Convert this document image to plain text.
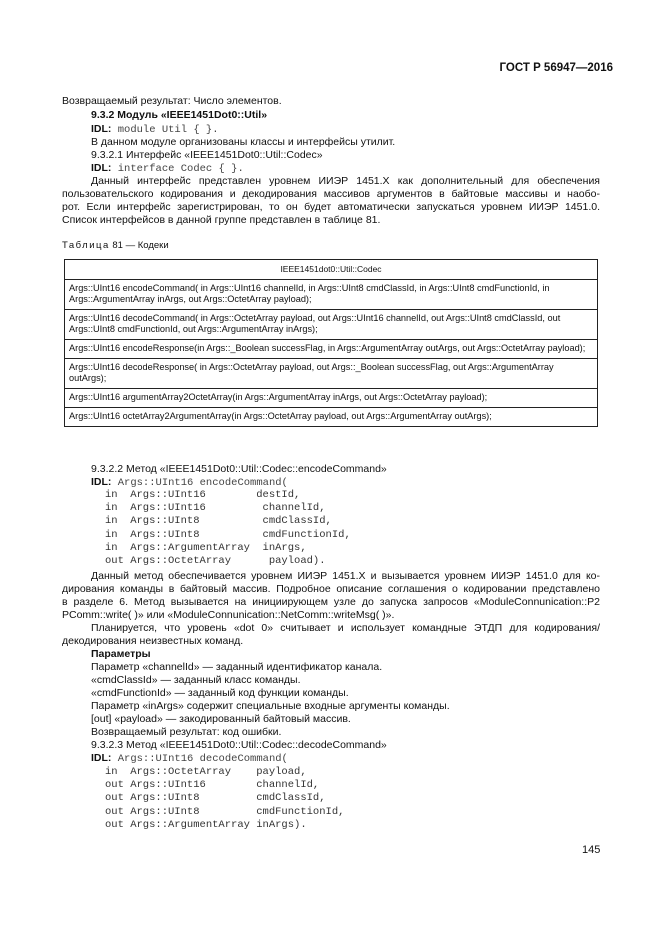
ГОСТ Р 56947—2016
Возвращаемый результат: Число элементов.
9.3.2 Модуль «IEEE1451Dot0::Util»
IDL: module Util { }.
В данном модуле организованы классы и интерфейсы утилит.
9.3.2.1 Интерфейс «IEEE1451Dot0::Util::Codec»
IDL: interface Codec { }.
Данный интерфейс представлен уровнем ИИЭР 1451.X как дополнительный для обеспечения
пользовательского кодирования и декодирования массивов аргументов в байтовые массивы и наобо-
рот. Если интерфейс зарегистрирован, то он будет автоматически запускаться уровнем ИИЭР 1451.0.
Список интерфейсов в данной группе представлен в таблице 81.
Таблица 81 — Кодеки
IEEE1451dot0::Util::Codec
Args::UInt16 encodeCommand( in Args::UInt16 channelId, in Args::UInt8 cmdClassId, in Args::UInt8 cmdFunctionId, in Args::ArgumentArray inArgs, out Args::OctetArray payload);
Args::UInt16 decodeCommand( in Args::OctetArray payload, out Args::UInt16 channelId, out Args::UInt8 cmdClassId, out Args::UInt8 cmdFunctionId, out Args::ArgumentArray inArgs);
Args::UInt16 encodeResponse(in Args::_Boolean successFlag, in Args::ArgumentArray outArgs, out Args::OctetArray payload);
Args::UInt16 decodeResponse( in Args::OctetArray payload, out Args::_Boolean successFlag, out Args::ArgumentArray outArgs);
Args::UInt16 argumentArray2OctetArray(in Args::ArgumentArray inArgs, out Args::OctetArray payload);
Args::UInt16 octetArray2ArgumentArray(in Args::OctetArray payload, out Args::ArgumentArray outArgs);
9.3.2.2 Метод «IEEE1451Dot0::Util::Codec::encodeCommand»
IDL: Args::UInt16 encodeCommand(
in  Args::UInt16        destId,
in  Args::UInt16         channelId,
in  Args::UInt8          cmdClassId,
in  Args::UInt8          cmdFunctionId,
in  Args::ArgumentArray  inArgs,
out Args::OctetArray      payload).
Данный метод обеспечивается уровнем ИИЭР 1451.X и вызывается уровнем ИИЭР 1451.0 для ко-
дирования команды в байтовый массив. Подробное описание соглашения о кодировании представлено
в разделе 6. Метод вызывается на инициирующем узле до запуска запросов «ModuleConnunication::P2
PComm::write( )» или «ModuleConnunication::NetComm::writeMsg( )».
Планируется, что уровень «dot 0» считывает и использует командные ЭТДП для кодирования/
декодирования неизвестных команд.
Параметры
Параметр «channelId» — заданный идентификатор канала.
«cmdClassId» — заданный класс команды.
«cmdFunctionId» — заданный код функции команды.
Параметр «inArgs» содержит специальные входные аргументы команды.
[out] «payload» — закодированный байтовый массив.
Возвращаемый результат: код ошибки.
9.3.2.3 Метод «IEEE1451Dot0::Util::Codec::decodeCommand»
IDL: Args::UInt16 decodeCommand(
in  Args::OctetArray    payload,
out Args::UInt16        channelId,
out Args::UInt8         cmdClassId,
out Args::UInt8         cmdFunctionId,
out Args::ArgumentArray inArgs).
145
